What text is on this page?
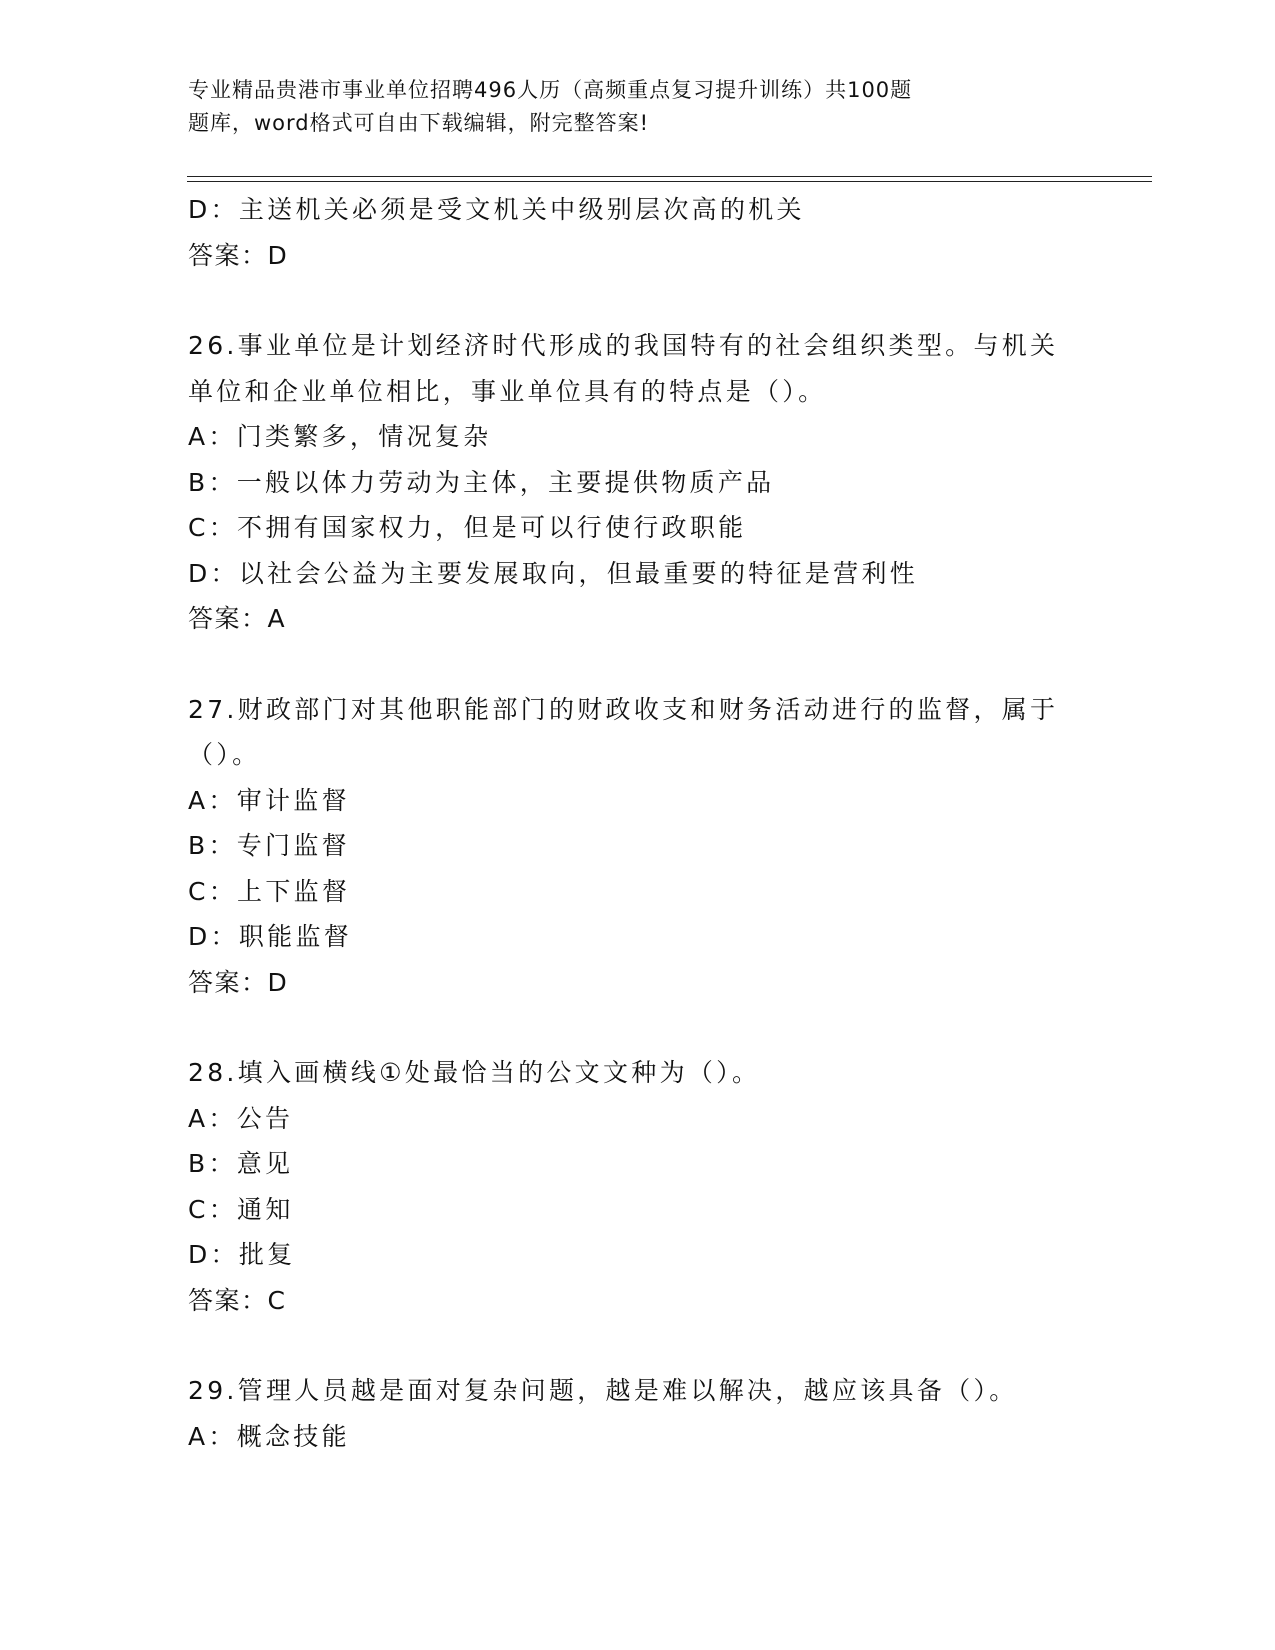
专业精品贵港市事业单位招聘496人历（高频重点复习提升训练）共100题
题库，word格式可自由下载编辑，附完整答案!
D：主送机关必须是受文机关中级别层次高的机关
答案：D
26.事业单位是计划经济时代形成的我国特有的社会组织类型。与机关
单位和企业单位相比，事业单位具有的特点是（）。
A：门类繁多，情况复杂
B：一般以体力劳动为主体，主要提供物质产品
C：不拥有国家权力，但是可以行使行政职能
D：以社会公益为主要发展取向，但最重要的特征是营利性
答案：A
27.财政部门对其他职能部门的财政收支和财务活动进行的监督，属于
（）。
A：审计监督
B：专门监督
C：上下监督
D：职能监督
答案：D
28.填入画横线①处最恰当的公文文种为（）。
A：公告
B：意见
C：通知
D：批复
答案：C
29.管理人员越是面对复杂问题，越是难以解决，越应该具备（）。
A：概念技能
